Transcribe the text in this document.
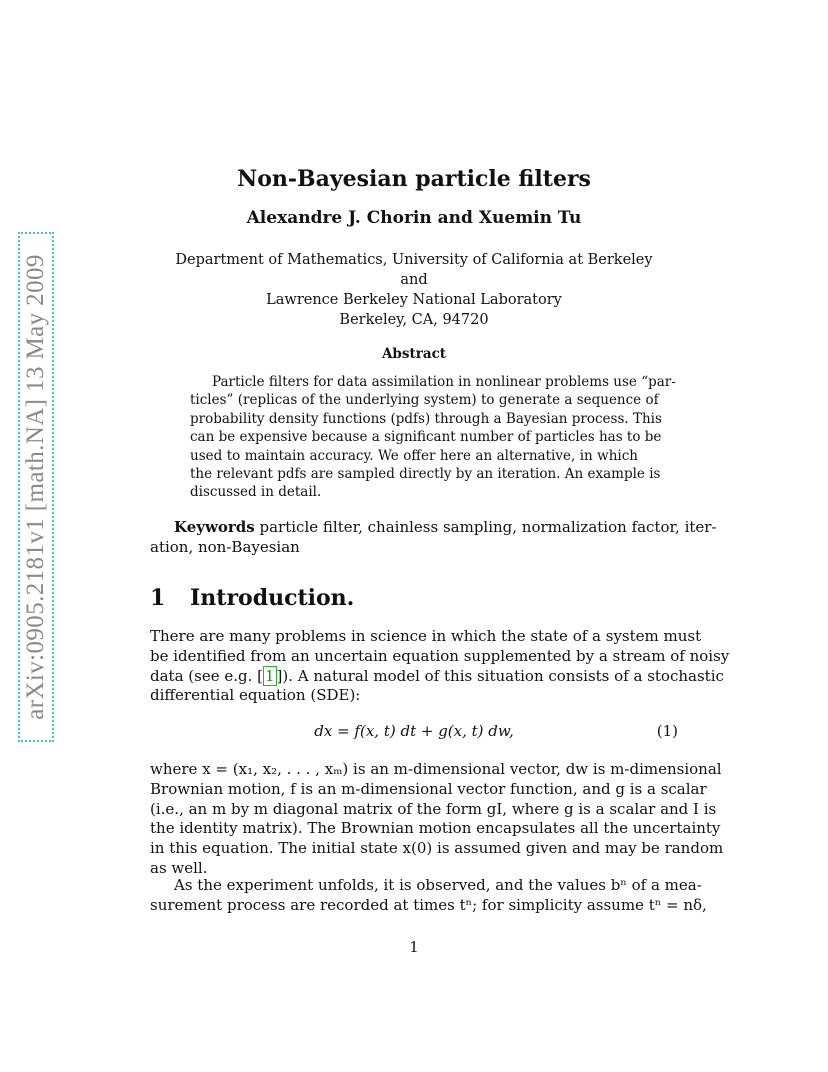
arXiv:0905.2181v1 [math.NA] 13 May 2009
Non-Bayesian particle filters
Alexandre J. Chorin and Xuemin Tu
Department of Mathematics, University of California at Berkeley
and
Lawrence Berkeley National Laboratory
Berkeley, CA, 94720
Abstract
Particle filters for data assimilation in nonlinear problems use “par-
ticles” (replicas of the underlying system) to generate a sequence of
probability density functions (pdfs) through a Bayesian process. This
can be expensive because a significant number of particles has to be
used to maintain accuracy. We offer here an alternative, in which
the relevant pdfs are sampled directly by an iteration. An example is
discussed in detail.
Keywords particle filter, chainless sampling, normalization factor, iter-
ation, non-Bayesian
1 Introduction.
There are many problems in science in which the state of a system must
be identified from an uncertain equation supplemented by a stream of noisy
data (see e.g. [ 1 ]). A natural model of this situation consists of a stochastic
differential equation (SDE):
dx = f(x, t) dt + g(x, t) dw,	(1)
where x = (x₁, x₂, . . . , xₘ) is an m-dimensional vector, dw is m-dimensional
Brownian motion, f is an m-dimensional vector function, and g is a scalar
(i.e., an m by m diagonal matrix of the form gI, where g is a scalar and I is
the identity matrix). The Brownian motion encapsulates all the uncertainty
in this equation. The initial state x(0) is assumed given and may be random
as well.
As the experiment unfolds, it is observed, and the values bⁿ of a mea-
surement process are recorded at times tⁿ; for simplicity assume tⁿ = nδ,
1
